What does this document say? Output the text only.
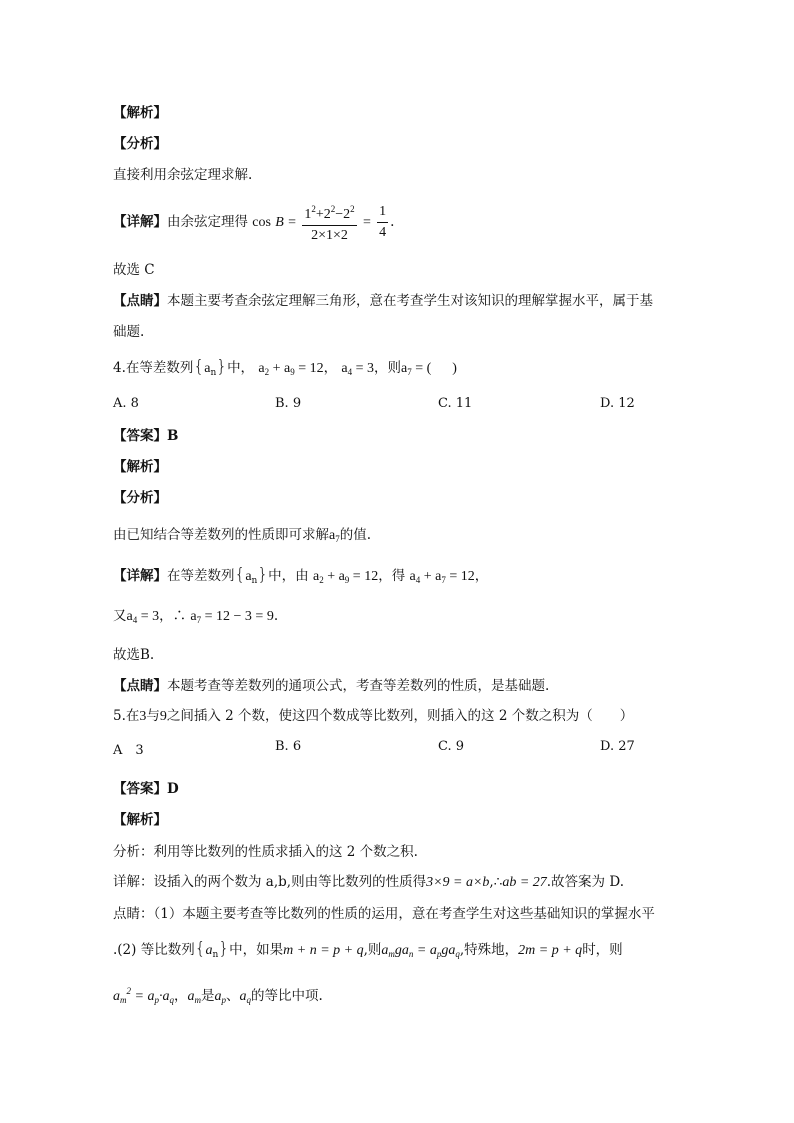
【解析】
【分析】
直接利用余弦定理求解.
【详解】由余弦定理得 $\cos B = \frac{1^2+2^2-2^2}{2\times 1\times 2} = \frac{1}{4}$ .
故选 C
【点睛】本题主要考查余弦定理解三角形，意在考查学生对该知识的理解掌握水平，属于基
础题.
4.在等差数列$\{a_n\}$中， $a_2 + a_9 = 12$， $a_4 = 3$，则$a_7$ = ( )
A. 8	B. 9	C. 11	D. 12
【答案】B
【解析】
【分析】
由已知结合等差数列的性质即可求解$a_7$的值.
【详解】在等差数列$\{a_n\}$中，由 $a_2 + a_9 = 12$，得 $a_4 + a_7 = 12$，
又$a_4 = 3$，∴ $a_7 = 12 - 3 = 9$.
故选B.
【点睛】本题考查等差数列的通项公式，考查等差数列的性质，是基础题.
5.在3与9之间插入 2 个数，使这四个数成等比数列，则插入的这 2 个数之积为（　　）
A　3	B. 6	C. 9	D. 27
【答案】D
【解析】
分析：利用等比数列的性质求插入的这 2 个数之积.
详解：设插入的两个数为 a,b,则由等比数列的性质得3×9 = a×b,∴ab = 27.故答案为 D.
点睛：（1）本题主要考查等比数列的性质的运用，意在考查学生对这些基础知识的掌握水平
.(2) 等比数列$\{a_n\}$中，如果m + n = p + q,则$a_mga_n = a_pga_q$,特殊地，2m = p + q时，则
$a_m^2 = a_p\cdot a_q$，$a_m$是$a_p$、$a_q$的等比中项.
